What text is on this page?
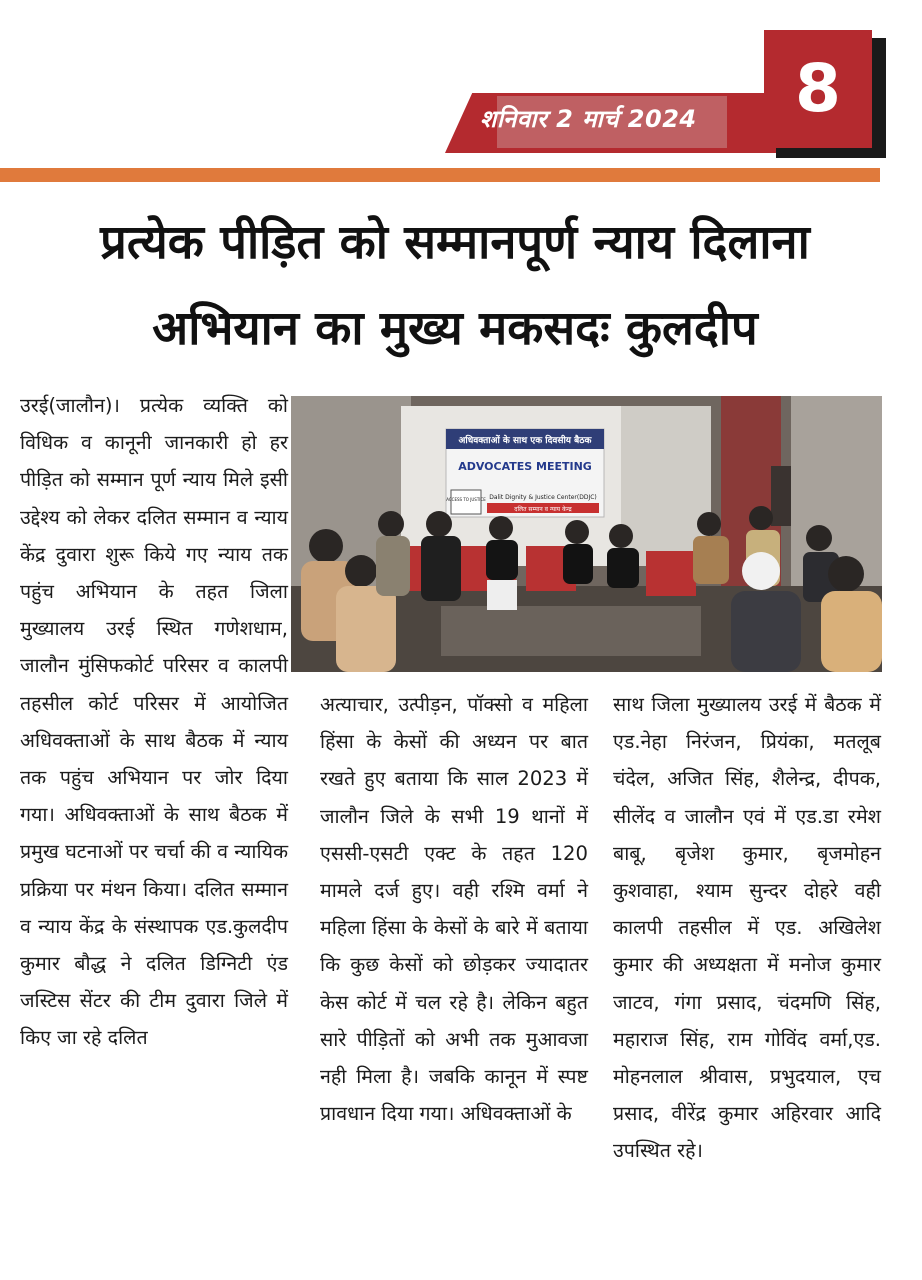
शनिवार 2 मार्च 2024	8
प्रत्येक पीड़ित को सम्मानपूर्ण न्याय दिलाना
अभियान का मुख्य मकसदः कुलदीप
अधिवक्ताओं के साथ एक दिवसीय बैठक
ADVOCATES MEETING
ACCESS TO JUSTICE Dalit Dignity & Justice Center(DDJC)
दलित सम्मान व न्याय केन्द्र

उरई(जालौन)। प्रत्येक व्यक्ति को विधिक व कानूनी जानकारी हो हर पीड़ित को सम्मान पूर्ण न्याय मिले इसी उद्देश्य को लेकर दलित सम्मान व न्याय केंद्र दुवारा शुरू किये गए न्याय तक पहुंच अभियान के तहत जिला मुख्यालय उरई स्थित गणेशधाम, जालौन मुंसिफकोर्ट परिसर व कालपी तहसील कोर्ट परिसर में आयोजित अधिवक्ताओं के साथ बैठक में न्याय तक पहुंच अभियान पर जोर दिया गया। अधिवक्ताओं के साथ बैठक में प्रमुख घटनाओं पर चर्चा की व न्यायिक प्रक्रिया पर मंथन किया। दलित सम्मान व न्याय केंद्र के संस्थापक एड.कुलदीप कुमार बौद्ध ने दलित डिग्निटी एंड जस्टिस सेंटर की टीम दुवारा जिले में किए जा रहे दलित

अत्याचार, उत्पीड़न, पॉक्सो व महिला हिंसा के केसों की अध्यन पर बात रखते हुए बताया कि साल 2023 में जालौन जिले के सभी 19 थानों में एससी-एसटी एक्ट के तहत 120 मामले दर्ज हुए। वही रश्मि वर्मा ने महिला हिंसा के केसों के बारे में बताया कि कुछ केसों को छोड़कर ज्यादातर केस कोर्ट में चल रहे है। लेकिन बहुत सारे पीड़ितों को अभी तक मुआवजा नही मिला है। जबकि कानून में स्पष्ट प्रावधान दिया गया। अधिवक्ताओं के

साथ जिला मुख्यालय उरई में बैठक में एड.नेहा निरंजन, प्रियंका, मतलूब चंदेल, अजित सिंह, शैलेन्द्र, दीपक, सीलेंद व जालौन एवं में एड.डा रमेश बाबू, बृजेश कुमार, बृजमोहन कुशवाहा, श्याम सुन्दर दोहरे वही कालपी तहसील में एड. अखिलेश कुमार की अध्यक्षता में मनोज कुमार जाटव, गंगा प्रसाद, चंदमणि सिंह, महाराज सिंह, राम गोविंद वर्मा,एड. मोहनलाल श्रीवास, प्रभुदयाल, एच प्रसाद, वीरेंद्र कुमार अहिरवार आदि उपस्थित रहे।
